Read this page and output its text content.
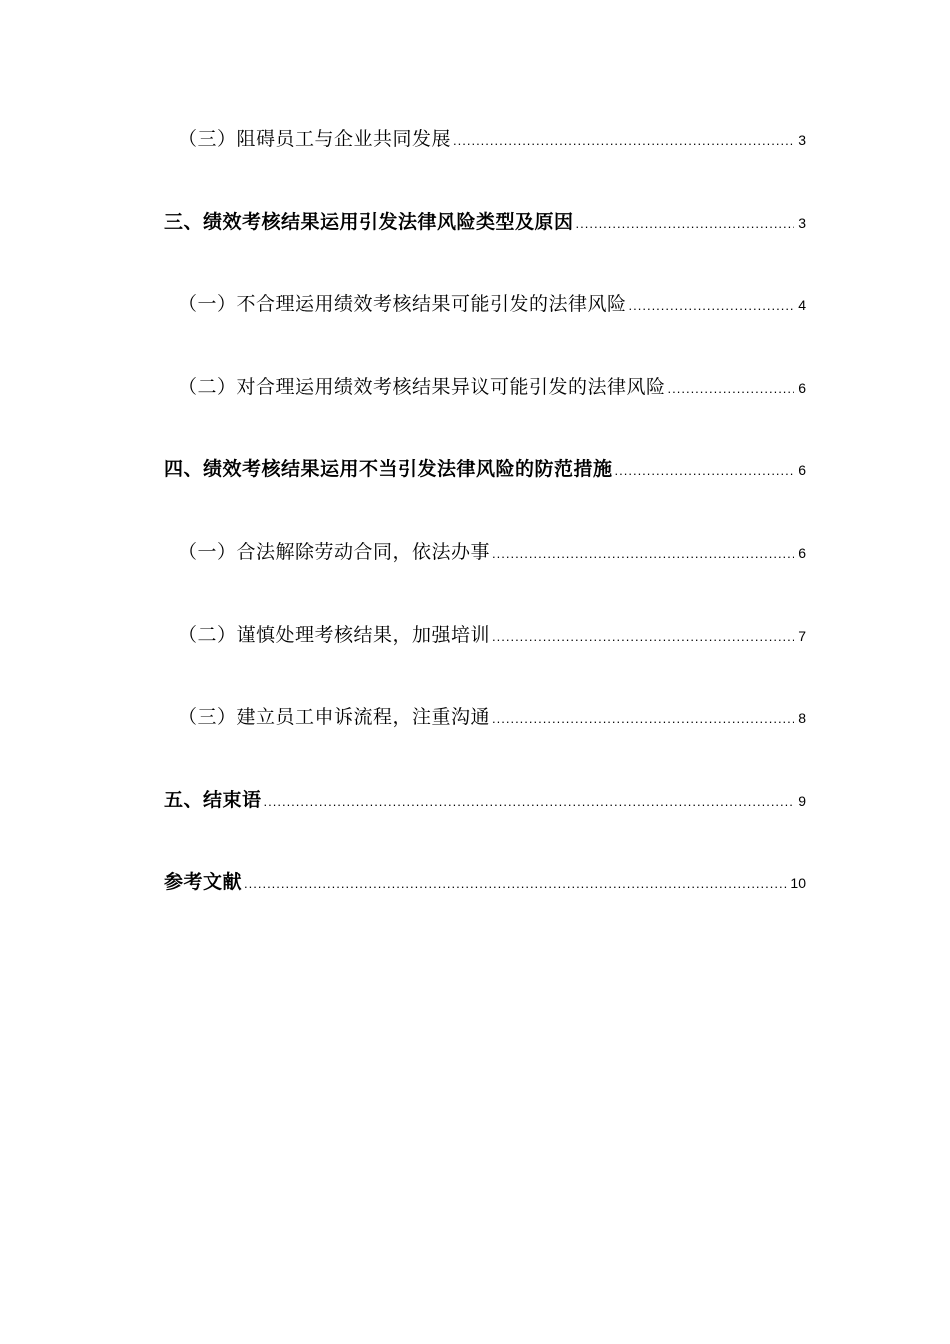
（三）阻碍员工与企业共同发展 .....	3
三、绩效考核结果运用引发法律风险类型及原因 .....	3
（一）不合理运用绩效考核结果可能引发的法律风险 .....	4
（二）对合理运用绩效考核结果异议可能引发的法律风险 .....	6
四、绩效考核结果运用不当引发法律风险的防范措施 .....	6
（一）合法解除劳动合同，依法办事 .....	6
（二）谨慎处理考核结果，加强培训 .....	7
（三）建立员工申诉流程，注重沟通 .....	8
五、结束语 .....	9
参考文献 .....	10
